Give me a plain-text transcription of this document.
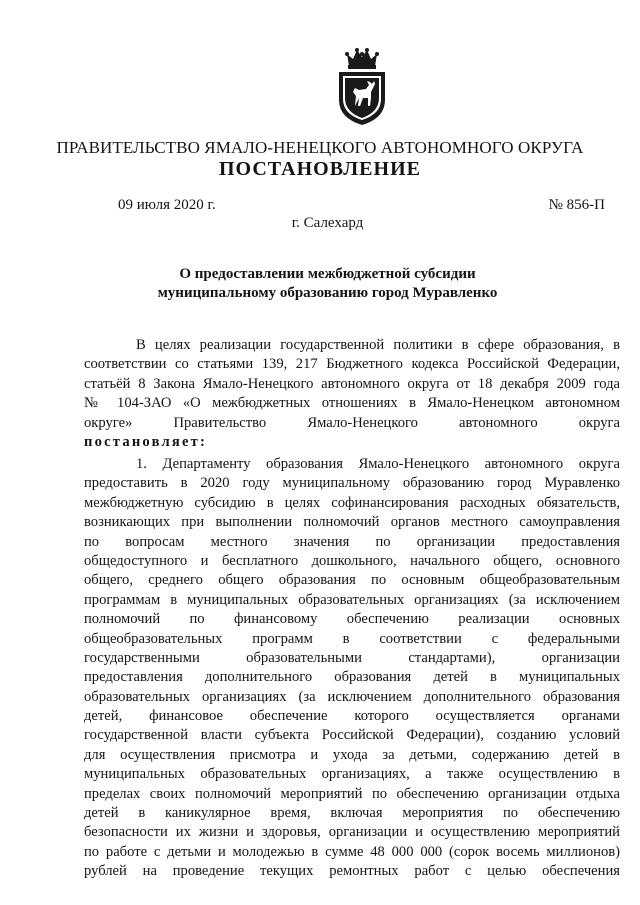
ПРАВИТЕЛЬСТВО ЯМАЛО-НЕНЕЦКОГО АВТОНОМНОГО ОКРУГА
ПОСТАНОВЛЕНИЕ
09 июля 2020 г.	№ 856-П
г. Салехард
О предоставлении межбюджетной субсидии
муниципальному образованию город Муравленко
В целях реализации государственной политики в сфере образования, в
соответствии со статьями 139, 217 Бюджетного кодекса Российской Федерации,
статьёй 8 Закона Ямало-Ненецкого автономного округа от 18 декабря 2009 года
№ 104-ЗАО «О межбюджетных отношениях в Ямало-Ненецком автономном
округе» Правительство Ямало-Ненецкого автономного округа
постановляет:
1. Департаменту образования Ямало-Ненецкого автономного округа
предоставить в 2020 году муниципальному образованию город Муравленко
межбюджетную субсидию в целях софинансирования расходных обязательств,
возникающих при выполнении полномочий органов местного самоуправления
по вопросам местного значения по организации предоставления
общедоступного и бесплатного дошкольного, начального общего, основного
общего, среднего общего образования по основным общеобразовательным
программам в муниципальных образовательных организациях (за исключением
полномочий по финансовому обеспечению реализации основных
общеобразовательных программ в соответствии с федеральными
государственными образовательными стандартами), организации
предоставления дополнительного образования детей в муниципальных
образовательных организациях (за исключением дополнительного образования
детей, финансовое обеспечение которого осуществляется органами
государственной власти субъекта Российской Федерации), созданию условий
для осуществления присмотра и ухода за детьми, содержанию детей в
муниципальных образовательных организациях, а также осуществлению в
пределах своих полномочий мероприятий по обеспечению организации отдыха
детей в каникулярное время, включая мероприятия по обеспечению
безопасности их жизни и здоровья, организации и осуществлению мероприятий
по работе с детьми и молодежью в сумме 48 000 000 (сорок восемь миллионов)
рублей на проведение текущих ремонтных работ с целью обеспечения
